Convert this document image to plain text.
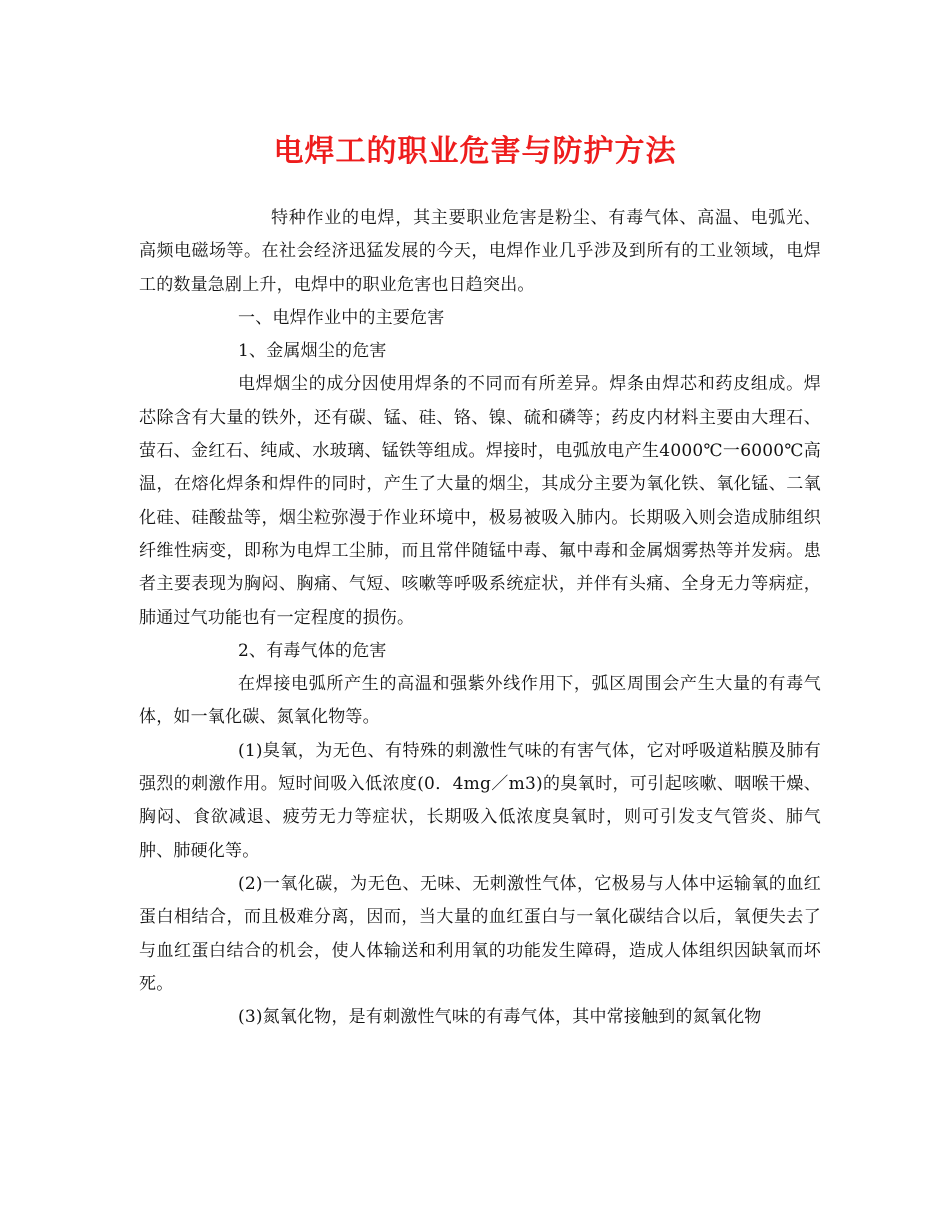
电焊工的职业危害与防护方法

特种作业的电焊，其主要职业危害是粉尘、有毒气体、高温、电弧光、高频电磁场等。在社会经济迅猛发展的今天，电焊作业几乎涉及到所有的工业领域，电焊工的数量急剧上升，电焊中的职业危害也日趋突出。

一、电焊作业中的主要危害

1、金属烟尘的危害

电焊烟尘的成分因使用焊条的不同而有所差异。焊条由焊芯和药皮组成。焊芯除含有大量的铁外，还有碳、锰、硅、铬、镍、硫和磷等；药皮内材料主要由大理石、萤石、金红石、纯咸、水玻璃、锰铁等组成。焊接时，电弧放电产生4000℃一6000℃高温，在熔化焊条和焊件的同时，产生了大量的烟尘，其成分主要为氧化铁、氧化锰、二氧化硅、硅酸盐等，烟尘粒弥漫于作业环境中，极易被吸入肺内。长期吸入则会造成肺组织纤维性病变，即称为电焊工尘肺，而且常伴随锰中毒、氟中毒和金属烟雾热等并发病。患者主要表现为胸闷、胸痛、气短、咳嗽等呼吸系统症状，并伴有头痛、全身无力等病症，肺通过气功能也有一定程度的损伤。

2、有毒气体的危害

在焊接电弧所产生的高温和强紫外线作用下，弧区周围会产生大量的有毒气体，如一氧化碳、氮氧化物等。

(1)臭氧，为无色、有特殊的刺激性气味的有害气体，它对呼吸道粘膜及肺有强烈的刺激作用。短时间吸入低浓度(0．4mg／m3)的臭氧时，可引起咳嗽、咽喉干燥、胸闷、食欲减退、疲劳无力等症状，长期吸入低浓度臭氧时，则可引发支气管炎、肺气肿、肺硬化等。

(2)一氧化碳，为无色、无味、无刺激性气体，它极易与人体中运输氧的血红蛋白相结合，而且极难分离，因而，当大量的血红蛋白与一氧化碳结合以后，氧便失去了与血红蛋白结合的机会，使人体输送和利用氧的功能发生障碍，造成人体组织因缺氧而坏死。

(3)氮氧化物，是有刺激性气味的有毒气体，其中常接触到的氮氧化物
